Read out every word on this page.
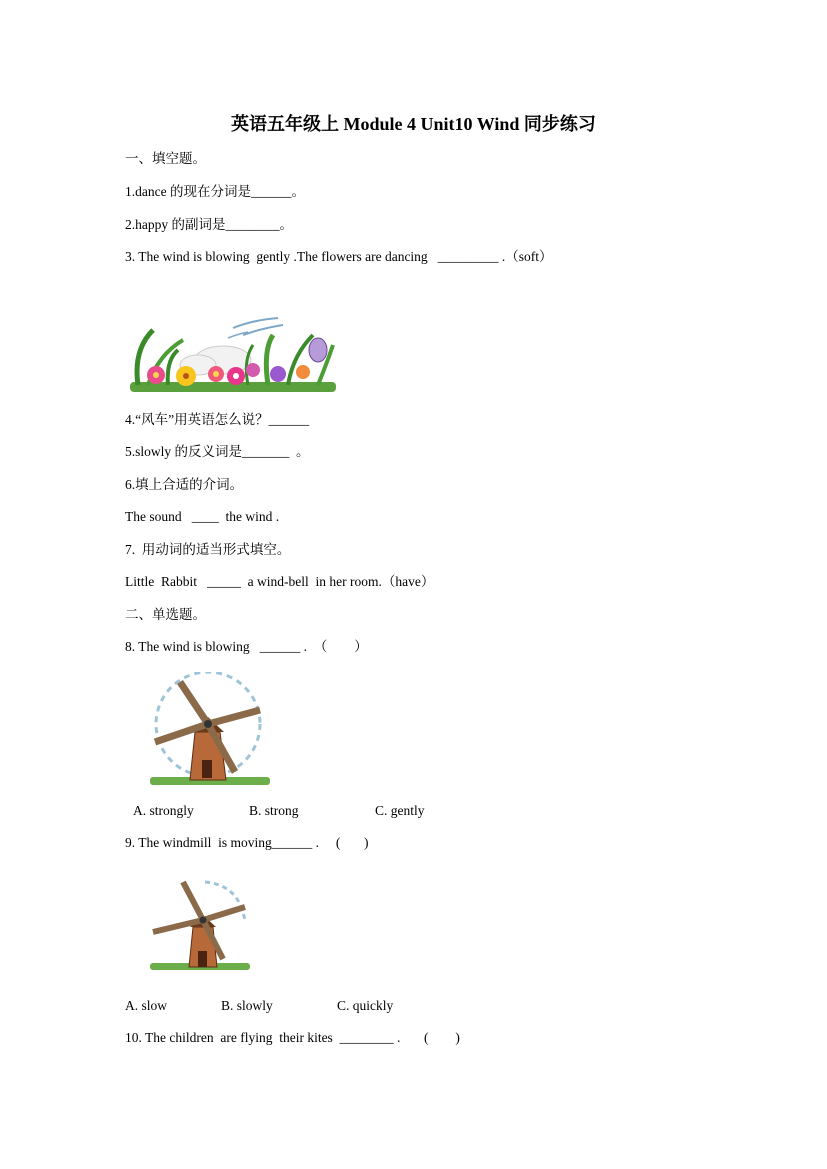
英语五年级上 Module 4 Unit10 Wind 同步练习
一、填空题。
1.dance 的现在分词是______。
2.happy 的副词是________。
3. The wind is blowing  gently .The flowers are dancing   _________ .（soft）
4.“风车”用英语怎么说？______
5.slowly 的反义词是_______  。
6.填上合适的介词。
The sound   ____  the wind .
7.  用动词的适当形式填空。
Little  Rabbit   _____  a wind-bell  in her room.（have）
二、单选题。
8. The wind is blowing   ______ .  （        ）
A. strongly	B. strong	C. gently
9. The windmill  is moving______ .     (       )
A. slow	B. slowly	C. quickly
10. The children  are flying  their kites  ________ .       (        )
